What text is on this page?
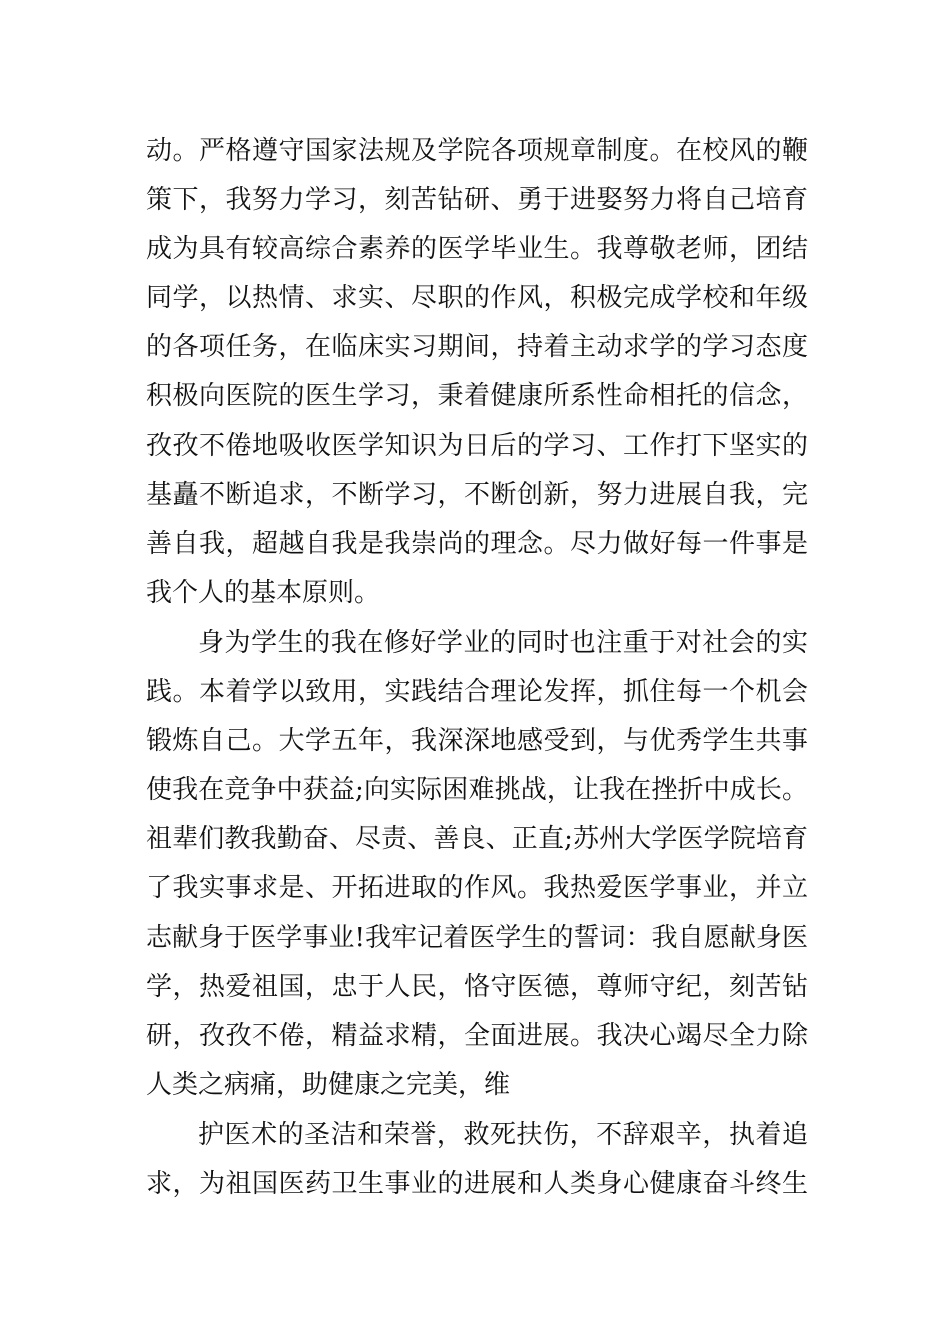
动。严格遵守国家法规及学院各项规章制度。在校风的鞭
策下，我努力学习，刻苦钻研、勇于进娶努力将自己培育
成为具有较高综合素养的医学毕业生。我尊敬老师，团结
同学，以热情、求实、尽职的作风，积极完成学校和年级
的各项任务，在临床实习期间，持着主动求学的学习态度
积极向医院的医生学习，秉着健康所系性命相托的信念，
孜孜不倦地吸收医学知识为日后的学习、工作打下坚实的
基矗不断追求，不断学习，不断创新，努力进展自我，完
善自我，超越自我是我崇尚的理念。尽力做好每一件事是
我个人的基本原则。
身为学生的我在修好学业的同时也注重于对社会的实
践。本着学以致用，实践结合理论发挥，抓住每一个机会
锻炼自己。大学五年，我深深地感受到，与优秀学生共事
使我在竞争中获益;向实际困难挑战，让我在挫折中成长。
祖辈们教我勤奋、尽责、善良、正直;苏州大学医学院培育
了我实事求是、开拓进取的作风。我热爱医学事业，并立
志献身于医学事业!我牢记着医学生的誓词：我自愿献身医
学，热爱祖国，忠于人民，恪守医德，尊师守纪，刻苦钻
研，孜孜不倦，精益求精，全面进展。我决心竭尽全力除
人类之病痛，助健康之完美，维
护医术的圣洁和荣誉，救死扶伤，不辞艰辛，执着追
求，为祖国医药卫生事业的进展和人类身心健康奋斗终生
